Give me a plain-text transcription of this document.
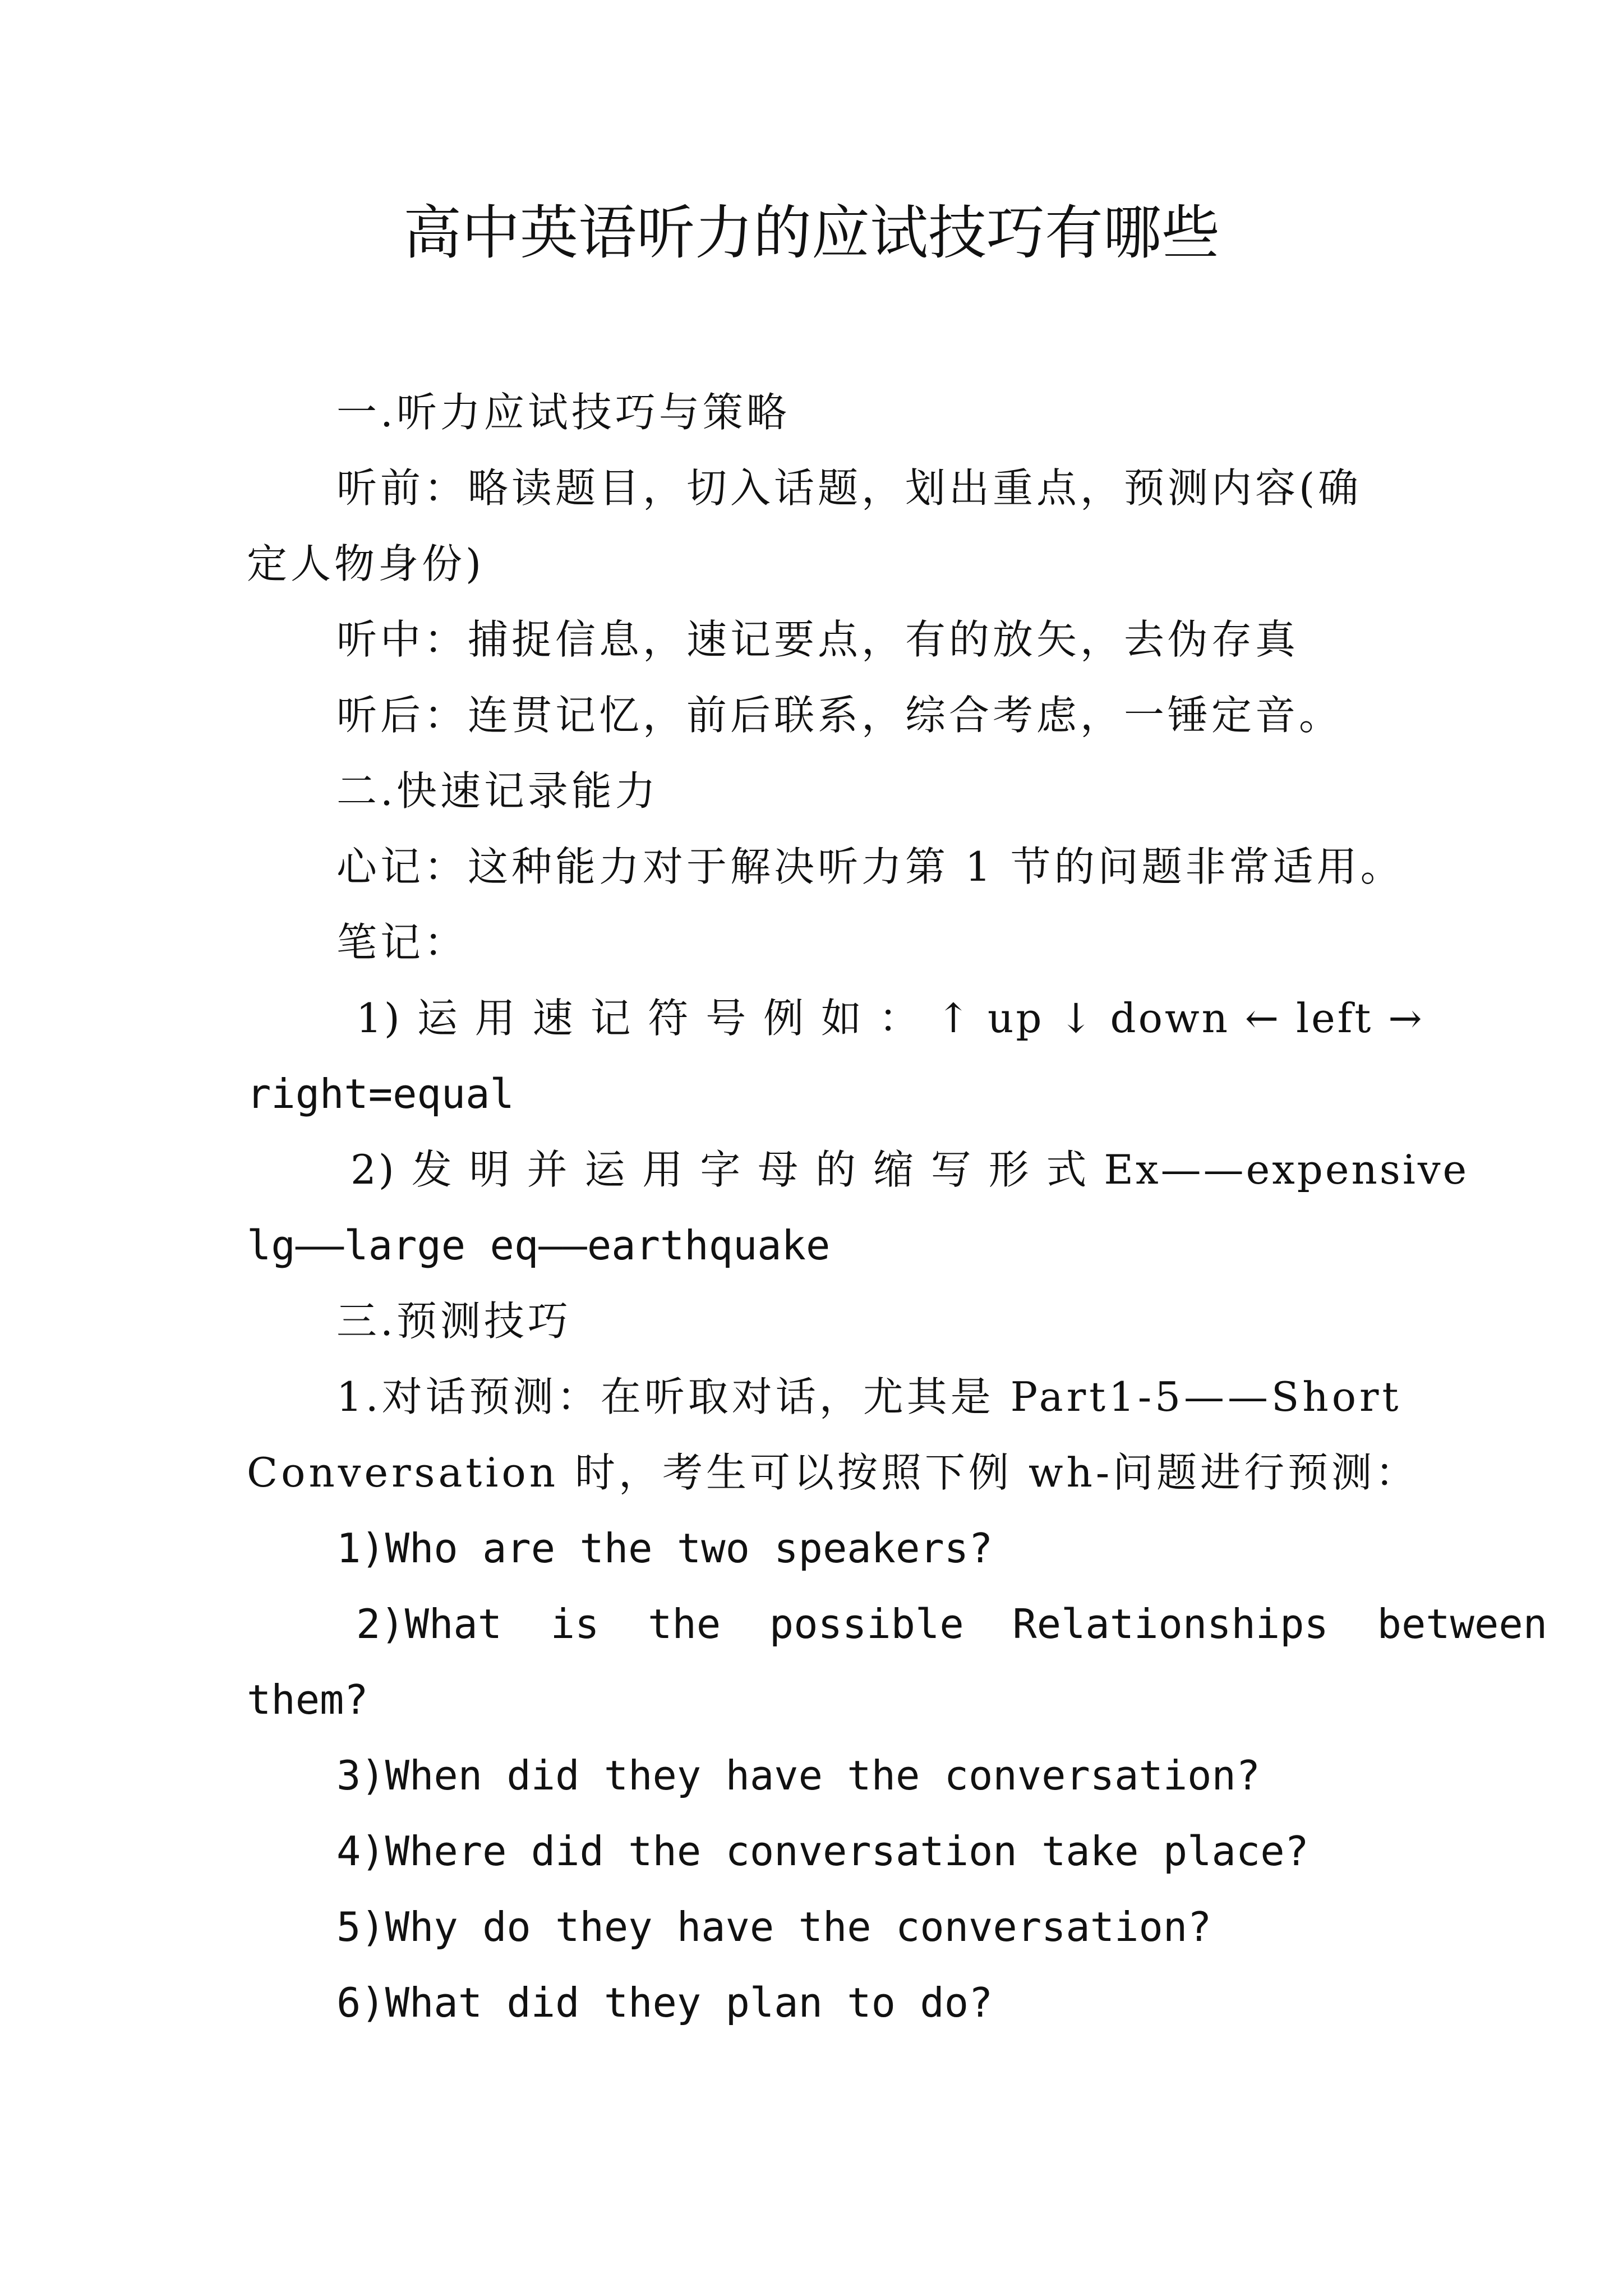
高中英语听力的应试技巧有哪些
一.听力应试技巧与策略
听前：略读题目，切入话题，划出重点，预测内容(确
定人物身份)
听中：捕捉信息，速记要点，有的放矢，去伪存真
听后：连贯记忆，前后联系，综合考虑，一锤定音。
二.快速记录能力
心记：这种能力对于解决听力第 1 节的问题非常适用。
笔记：
1) 运 用 速 记 符 号 例 如 ： ↑ up ↓ down ← left →
right=equal
2) 发 明 并 运 用 字 母 的 缩 写 形 式 Ex——expensive
lg——large eq——earthquake
三.预测技巧
1.对话预测：在听取对话，尤其是 Part1-5——Short
Conversation 时，考生可以按照下例 wh-问题进行预测：
1)Who are the two speakers?
2)What  is  the  possible  Relationships  between
them?
3)When did they have the conversation?
4)Where did the conversation take place?
5)Why do they have the conversation?
6)What did they plan to do?
